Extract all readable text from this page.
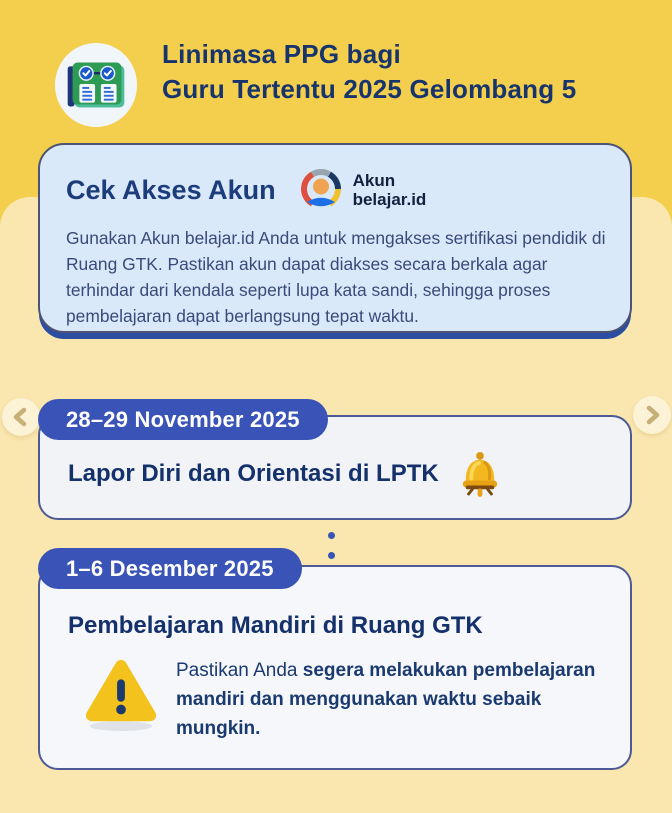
Linimasa PPG bagi
Guru Tertentu 2025 Gelombang 5
Cek Akses Akun	Akun
belajar.id
Gunakan Akun belajar.id Anda untuk mengakses sertifikasi pendidik di Ruang GTK. Pastikan akun dapat diakses secara berkala agar terhindar dari kendala seperti lupa kata sandi, sehingga proses pembelajaran dapat berlangsung tepat waktu.
Lapor Diri dan Orientasi di LPTK
28–29 November 2025
Pembelajaran Mandiri di Ruang GTK
Pastikan Anda segera melakukan pembelajaran mandiri dan menggunakan waktu sebaik mungkin.
1–6 Desember 2025
